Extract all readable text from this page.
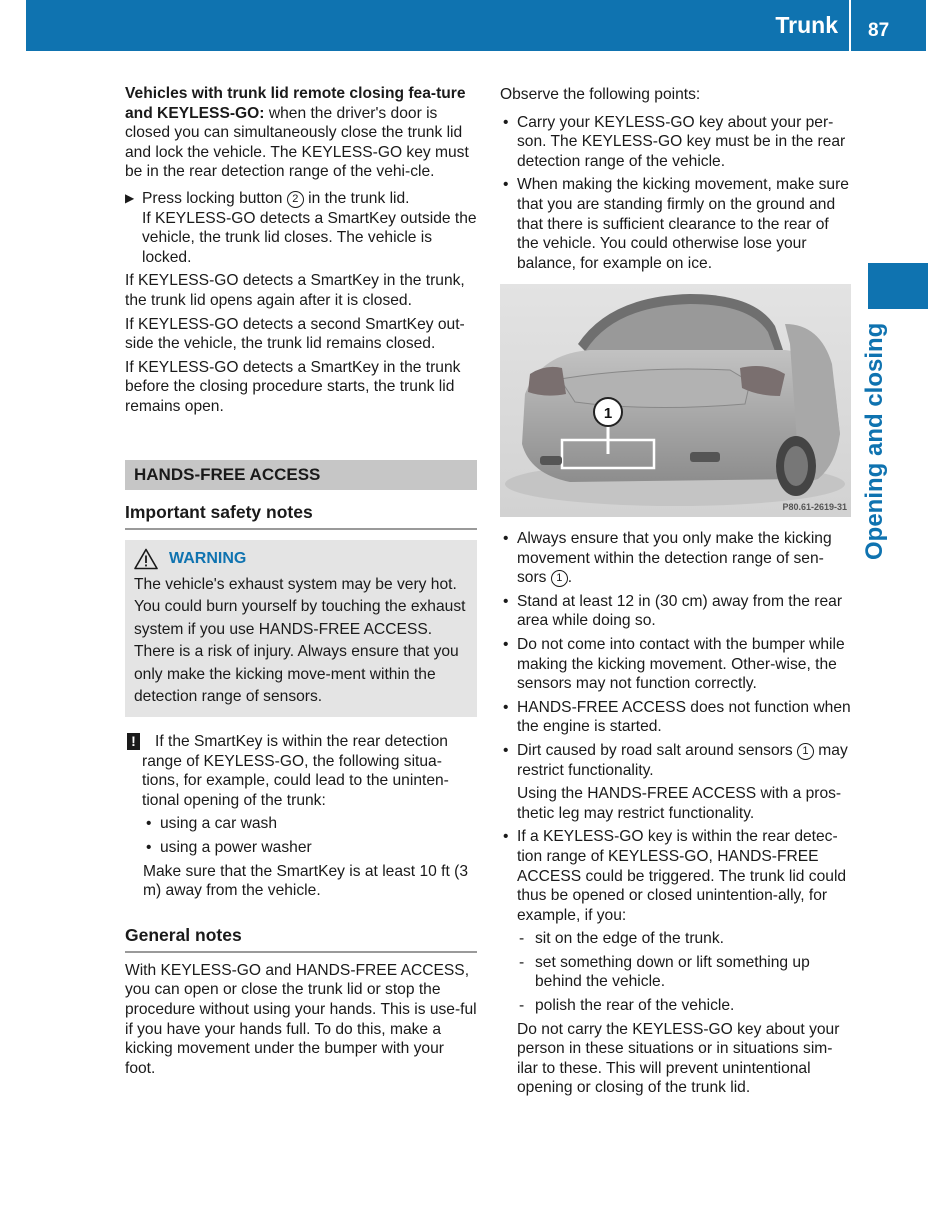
Trunk 87
Opening and closing

Vehicles with trunk lid remote closing fea-ture and KEYLESS-GO: when the driver's door is closed you can simultaneously close the trunk lid and lock the vehicle. The KEYLESS-GO key must be in the rear detection range of the vehi-cle.

▶ Press locking button 2 in the trunk lid.
If KEYLESS-GO detects a SmartKey outside the vehicle, the trunk lid closes. The vehicle is locked.

If KEYLESS-GO detects a SmartKey in the trunk, the trunk lid opens again after it is closed.

If KEYLESS-GO detects a second SmartKey out-side the vehicle, the trunk lid remains closed.

If KEYLESS-GO detects a SmartKey in the trunk before the closing procedure starts, the trunk lid remains open.

HANDS-FREE ACCESS
Important safety notes
WARNING
The vehicle's exhaust system may be very hot. You could burn yourself by touching the exhaust system if you use HANDS-FREE ACCESS. There is a risk of injury. Always ensure that you only make the kicking move-ment within the detection range of sensors.
! If the SmartKey is within the rear detection range of KEYLESS-GO, the following situa-tions, for example, could lead to the uninten-tional opening of the trunk:
• using a car wash
• using a power washer
Make sure that the SmartKey is at least 10 ft (3 m) away from the vehicle.
General notes

With KEYLESS-GO and HANDS-FREE ACCESS, you can open or close the trunk lid or stop the procedure without using your hands. This is use-ful if you have your hands full. To do this, make a kicking movement under the bumper with your foot.

Observe the following points:

• Carry your KEYLESS-GO key about your per-son. The KEYLESS-GO key must be in the rear detection range of the vehicle.
• When making the kicking movement, make sure that you are standing firmly on the ground and that there is sufficient clearance to the rear of the vehicle. You could otherwise lose your balance, for example on ice.
1
P80.61-2619-31
• Always ensure that you only make the kicking movement within the detection range of sen-sors 1 .
• Stand at least 12 in (30 cm) away from the rear area while doing so.
• Do not come into contact with the bumper while making the kicking movement. Other-wise, the sensors may not function correctly.
• HANDS-FREE ACCESS does not function when the engine is started.
• Dirt caused by road salt around sensors 1 may restrict functionality.
Using the HANDS-FREE ACCESS with a pros-thetic leg may restrict functionality.
• If a KEYLESS-GO key is within the rear detec-tion range of KEYLESS-GO, HANDS-FREE ACCESS could be triggered. The trunk lid could thus be opened or closed unintention-ally, for example, if you:
- sit on the edge of the trunk.
- set something down or lift something up behind the vehicle.
- polish the rear of the vehicle.
Do not carry the KEYLESS-GO key about your person in these situations or in situations sim-ilar to these. This will prevent unintentional opening or closing of the trunk lid.
